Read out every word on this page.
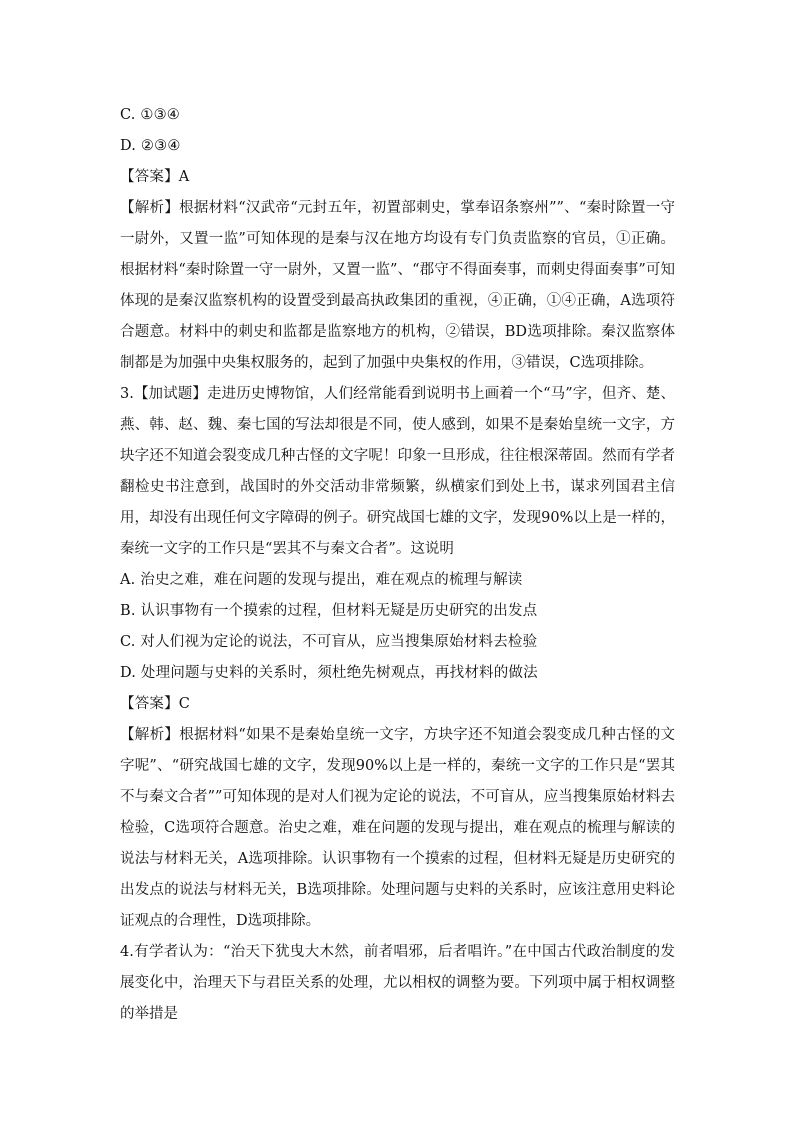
C. ①③④
D. ②③④
【答案】A
【解析】根据材料“汉武帝“元封五年，初置部刺史，掌奉诏条察州””、“秦时除置一守一尉外，又置一监”可知体现的是秦与汉在地方均设有专门负责监察的官员，①正确。根据材料“秦时除置一守一尉外，又置一监”、“郡守不得面奏事，而刺史得面奏事”可知体现的是秦汉监察机构的设置受到最高执政集团的重视，④正确，①④正确，A选项符合题意。材料中的刺史和监都是监察地方的机构，②错误，BD选项排除。秦汉监察体制都是为加强中央集权服务的，起到了加强中央集权的作用，③错误，C选项排除。
3.【加试题】走进历史博物馆，人们经常能看到说明书上画着一个“马”字，但齐、楚、燕、韩、赵、魏、秦七国的写法却很是不同，使人感到，如果不是秦始皇统一文字，方块字还不知道会裂变成几种古怪的文字呢！印象一旦形成，往往根深蒂固。然而有学者翻检史书注意到，战国时的外交活动非常频繁，纵横家们到处上书，谋求列国君主信用，却没有出现任何文字障碍的例子。研究战国七雄的文字，发现90%以上是一样的，秦统一文字的工作只是“罢其不与秦文合者”。这说明
A. 治史之难，难在问题的发现与提出，难在观点的梳理与解读
B. 认识事物有一个摸索的过程，但材料无疑是历史研究的出发点
C. 对人们视为定论的说法，不可盲从，应当搜集原始材料去检验
D. 处理问题与史料的关系时，须杜绝先树观点，再找材料的做法
【答案】C
【解析】根据材料“如果不是秦始皇统一文字，方块字还不知道会裂变成几种古怪的文字呢”、“研究战国七雄的文字，发现90%以上是一样的，秦统一文字的工作只是“罢其不与秦文合者””可知体现的是对人们视为定论的说法，不可盲从，应当搜集原始材料去检验，C选项符合题意。治史之难，难在问题的发现与提出，难在观点的梳理与解读的说法与材料无关，A选项排除。认识事物有一个摸索的过程，但材料无疑是历史研究的出发点的说法与材料无关，B选项排除。处理问题与史料的关系时，应该注意用史料论证观点的合理性，D选项排除。
4.有学者认为：“治天下犹曳大木然，前者唱邪，后者唱许。”在中国古代政治制度的发展变化中，治理天下与君臣关系的处理，尤以相权的调整为要。下列项中属于相权调整的举措是
